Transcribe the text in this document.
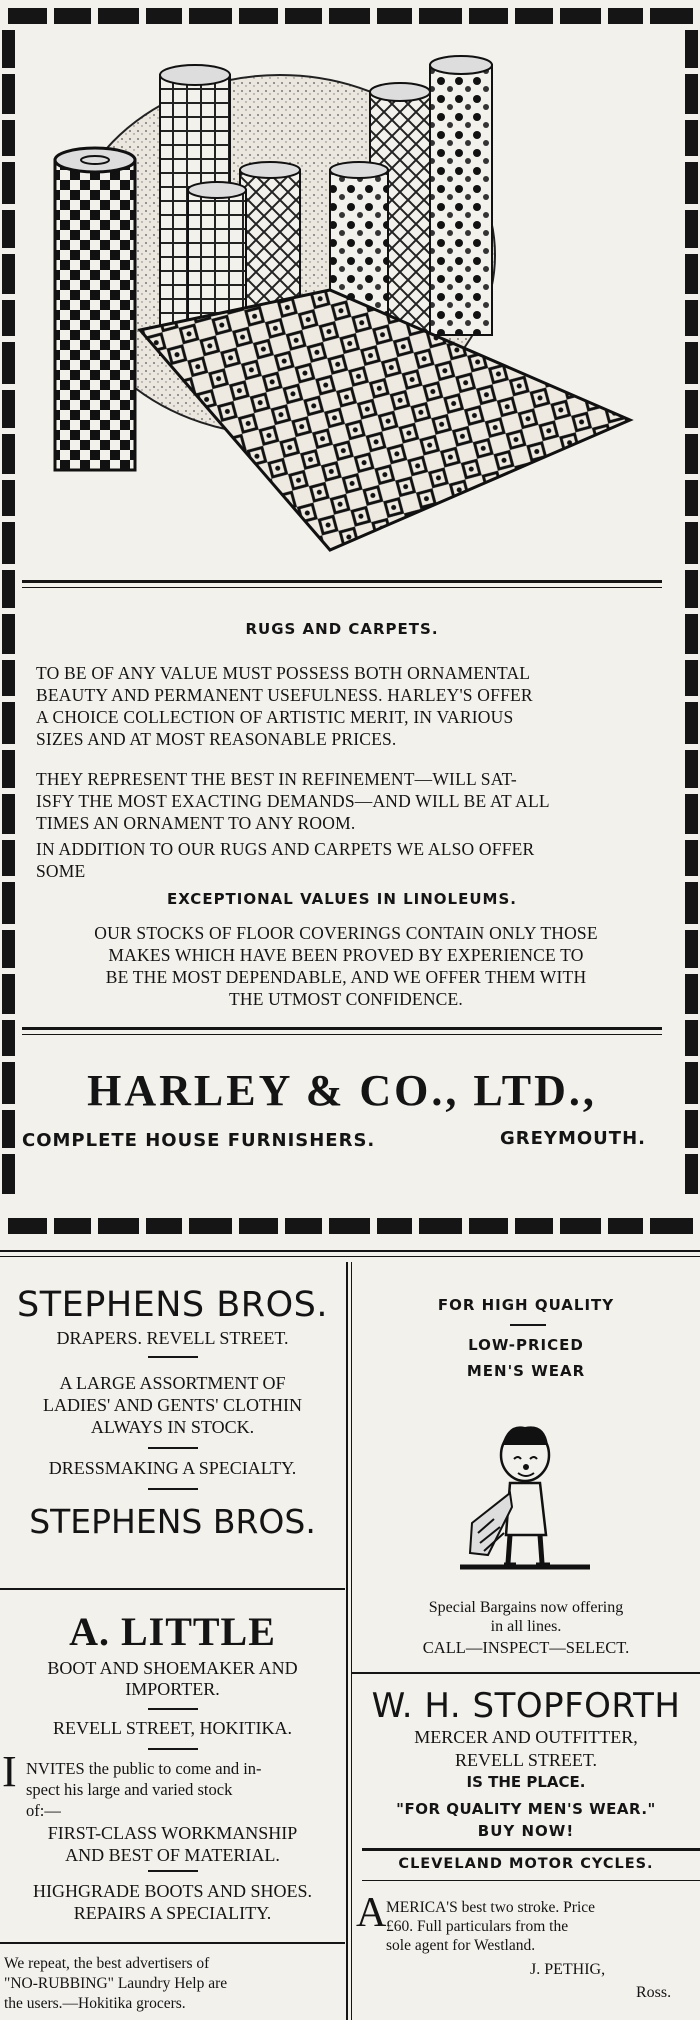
RUGS AND CARPETS.
TO BE OF ANY VALUE MUST POSSESS BOTH ORNAMENTAL
BEAUTY AND PERMANENT USEFULNESS. HARLEY'S OFFER
A CHOICE COLLECTION OF ARTISTIC MERIT, IN VARIOUS
SIZES AND AT MOST REASONABLE PRICES.
THEY REPRESENT THE BEST IN REFINEMENT—WILL SAT-
ISFY THE MOST EXACTING DEMANDS—AND WILL BE AT ALL
TIMES AN ORNAMENT TO ANY ROOM.
IN ADDITION TO OUR RUGS AND CARPETS WE ALSO OFFER
SOME
EXCEPTIONAL VALUES IN LINOLEUMS.
OUR STOCKS OF FLOOR COVERINGS CONTAIN ONLY THOSE
MAKES WHICH HAVE BEEN PROVED BY EXPERIENCE TO
BE THE MOST DEPENDABLE, AND WE OFFER THEM WITH
THE UTMOST CONFIDENCE.
HARLEY & CO., LTD.,
COMPLETE HOUSE FURNISHERS.	GREYMOUTH.
STEPHENS BROS.
DRAPERS. REVELL STREET.
A LARGE ASSORTMENT OF
LADIES' AND GENTS' CLOTHIN
ALWAYS IN STOCK.
DRESSMAKING A SPECIALTY.
STEPHENS BROS.
A. LITTLE
BOOT AND SHOEMAKER AND
IMPORTER.
REVELL STREET, HOKITIKA.
I NVITES the public to come and in-
spect his large and varied stock
of:—
FIRST-CLASS WORKMANSHIP
AND BEST OF MATERIAL.
HIGHGRADE BOOTS AND SHOES.
REPAIRS A SPECIALITY.
We repeat, the best advertisers of
"NO-RUBBING" Laundry Help are
the users.—Hokitika grocers.
FOR HIGH QUALITY
LOW-PRICED
MEN'S WEAR
Special Bargains now offering
in all lines.
CALL—INSPECT—SELECT.
W. H. STOPFORTH
MERCER AND OUTFITTER,
REVELL STREET.
IS THE PLACE.
"FOR QUALITY MEN'S WEAR."
BUY NOW!
CLEVELAND MOTOR CYCLES.
A MERICA'S best two stroke. Price
£60. Full particulars from the
sole agent for Westland.
J. PETHIG,
Ross.
